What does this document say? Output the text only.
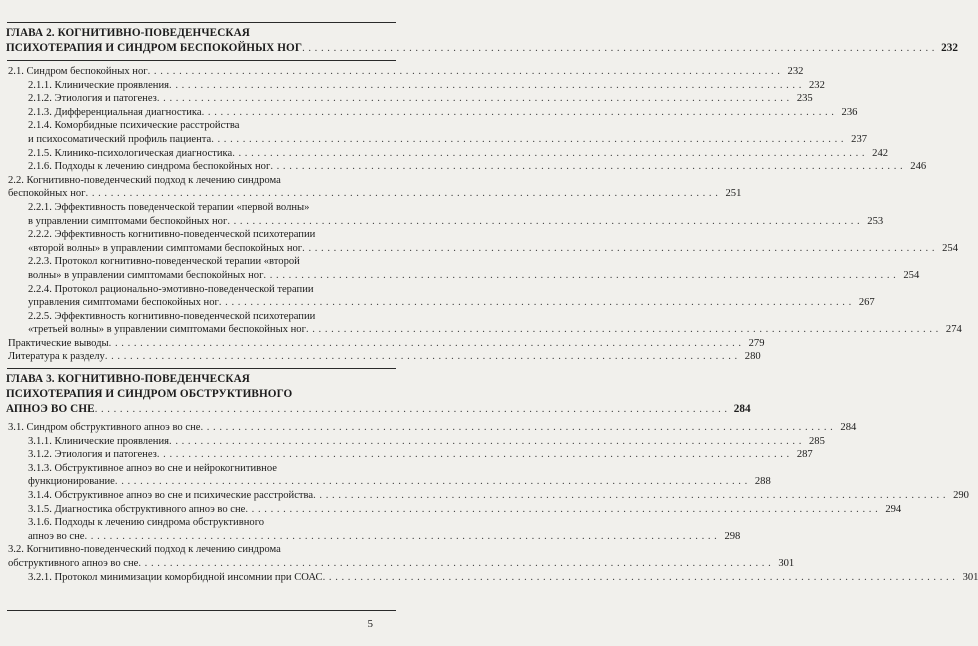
ГЛАВА 2. КОГНИТИВНО-ПОВЕДЕНЧЕСКАЯ
ПСИХОТЕРАПИЯ И СИНДРОМ БЕСПОКОЙНЫХ НОГ . . .	232
2.1. Синдром беспокойных ног . . .	232
2.1.1. Клинические проявления . . .	232
2.1.2. Этиология и патогенез . . .	235
2.1.3. Дифференциальная диагностика . . .	236
2.1.4. Коморбидные психические расстройства
и психосоматический профиль пациента . . .	237
2.1.5. Клинико-психологическая диагностика . . .	242
2.1.6. Подходы к лечению синдрома беспокойных ног . . .	246
2.2. Когнитивно-поведенческий подход к лечению синдрома
беспокойных ног . . .	251
2.2.1. Эффективность поведенческой терапии «первой волны»
в управлении симптомами беспокойных ног . . .	253
2.2.2. Эффективность когнитивно-поведенческой психотерапии
«второй волны» в управлении симптомами беспокойных ног . . .	254
2.2.3. Протокол когнитивно-поведенческой терапии «второй
волны» в управлении симптомами беспокойных ног . . .	254
2.2.4. Протокол рационально-эмотивно-поведенческой терапии
управления симптомами беспокойных ног . . .	267
2.2.5. Эффективность когнитивно-поведенческой психотерапии
«третьей волны» в управлении симптомами беспокойных ног . . .	274
Практические выводы . . .	279
Литература к разделу . . .	280
ГЛАВА 3. КОГНИТИВНО-ПОВЕДЕНЧЕСКАЯ
ПСИХОТЕРАПИЯ И СИНДРОМ ОБСТРУКТИВНОГО
АПНОЭ ВО СНЕ . . .	284
3.1. Синдром обструктивного апноэ во сне . . .	284
3.1.1. Клинические проявления . . .	285
3.1.2. Этиология и патогенез . . .	287
3.1.3. Обструктивное апноэ во сне и нейрокогнитивное
функционирование . . .	288
3.1.4. Обструктивное апноэ во сне и психические расстройства . . .	290
3.1.5. Диагностика обструктивного апноэ во сне . . .	294
3.1.6. Подходы к лечению синдрома обструктивного
апноэ во сне . . .	298
3.2. Когнитивно-поведенческий подход к лечению синдрома
обструктивного апноэ во сне . . .	301
3.2.1. Протокол минимизации коморбидной инсомнии при СОАС . . .	301
5
